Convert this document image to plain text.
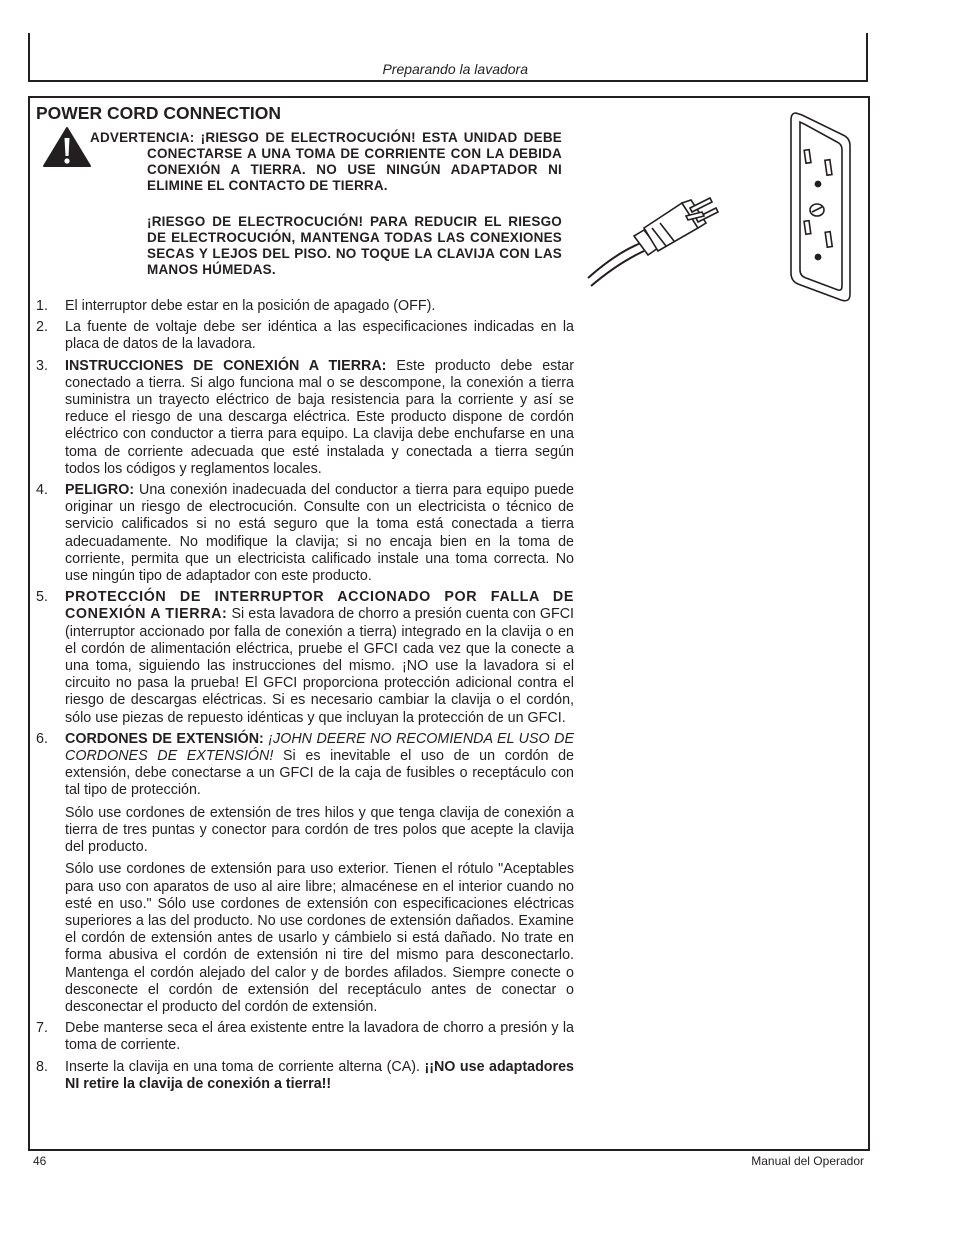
Preparando la lavadora
POWER CORD CONNECTION

ADVERTENCIA: ¡RIESGO DE ELECTROCUCIÓN! ESTA UNIDAD DEBE CONECTARSE A UNA TOMA DE CORRIENTE CON LA DEBIDA CONEXIÓN A TIERRA. NO USE NINGÚN ADAPTADOR NI ELIMINE EL CONTACTO DE TIERRA.

¡RIESGO DE ELECTROCUCIÓN! PARA REDUCIR EL RIESGO DE ELECTROCUCIÓN, MANTENGA TODAS LAS CONEXIONES SECAS Y LEJOS DEL PISO. NO TOQUE LA CLAVIJA CON LAS MANOS HÚMEDAS.

1. El interruptor debe estar en la posición de apagado (OFF).

2. La fuente de voltaje debe ser idéntica a las especificaciones indicadas en la placa de datos de la lavadora.

3. INSTRUCCIONES DE CONEXIÓN A TIERRA: Este producto debe estar conectado a tierra. Si algo funciona mal o se descompone, la conexión a tierra suministra un trayecto eléctrico de baja resistencia para la corriente y así se reduce el riesgo de una descarga eléctrica. Este producto dispone de cordón eléctrico con conductor a tierra para equipo. La clavija debe enchufarse en una toma de corriente adecuada que esté instalada y conectada a tierra según todos los códigos y reglamentos locales.

4. PELIGRO: Una conexión inadecuada del conductor a tierra para equipo puede originar un riesgo de electrocución. Consulte con un electricista o técnico de servicio calificados si no está seguro que la toma está conectada a tierra adecuadamente. No modifique la clavija; si no encaja bien en la toma de corriente, permita que un electricista calificado instale una toma correcta. No use ningún tipo de adaptador con este producto.

5. PROTECCIÓN DE INTERRUPTOR ACCIONADO POR FALLA DE CONEXIÓN A TIERRA: Si esta lavadora de chorro a presión cuenta con GFCI (interruptor accionado por falla de conexión a tierra) integrado en la clavija o en el cordón de alimentación eléctrica, pruebe el GFCI cada vez que la conecte a una toma, siguiendo las instrucciones del mismo. ¡NO use la lavadora si el circuito no pasa la prueba! El GFCI proporciona protección adicional contra el riesgo de descargas eléctricas. Si es necesario cambiar la clavija o el cordón, sólo use piezas de repuesto idénticas y que incluyan la protección de un GFCI.

6. CORDONES DE EXTENSIÓN: ¡JOHN DEERE NO RECOMIENDA EL USO DE CORDONES DE EXTENSIÓN! Si es inevitable el uso de un cordón de extensión, debe conectarse a un GFCI de la caja de fusibles o receptáculo con tal tipo de protección.

Sólo use cordones de extensión de tres hilos y que tenga clavija de conexión a tierra de tres puntas y conector para cordón de tres polos que acepte la clavija del producto.

Sólo use cordones de extensión para uso exterior. Tienen el rótulo "Aceptables para uso con aparatos de uso al aire libre; almacénese en el interior cuando no esté en uso." Sólo use cordones de extensión con especificaciones eléctricas superiores a las del producto. No use cordones de extensión dañados. Examine el cordón de extensión antes de usarlo y cámbielo si está dañado. No trate en forma abusiva el cordón de extensión ni tire del mismo para desconectarlo. Mantenga el cordón alejado del calor y de bordes afilados. Siempre conecte o desconecte el cordón de extensión del receptáculo antes de conectar o desconectar el producto del cordón de extensión.

7. Debe manterse seca el área existente entre la lavadora de chorro a presión y la toma de corriente.

8. Inserte la clavija en una toma de corriente alterna (CA). ¡¡NO use adaptadores NI retire la clavija de conexión a tierra!!

46	Manual del Operador
